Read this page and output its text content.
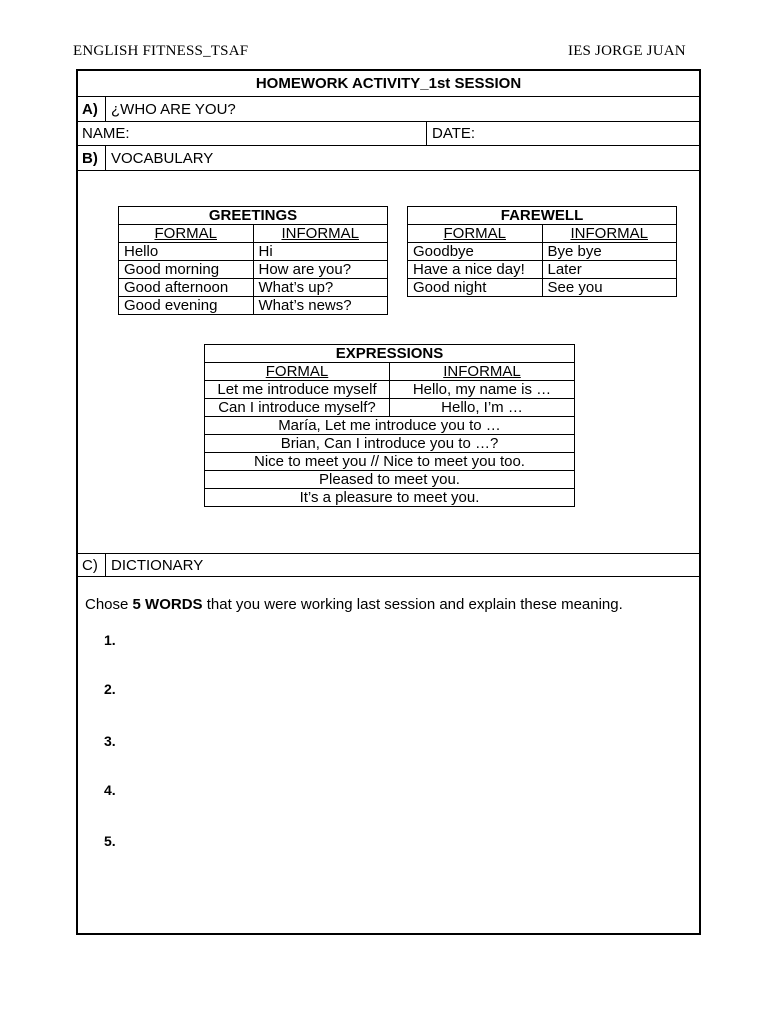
ENGLISH FITNESS_TSAF	IES JORGE JUAN
HOMEWORK ACTIVITY_1st SESSION
A) ¿WHO ARE YOU?
NAME:	DATE:
B) VOCABULARY
C) DICTIONARY
GREETINGS	
FORMAL	INFORMAL
Hello	Hi
Good morning	How are you?
Good afternoon	What’s up?
Good evening	What’s news?
FAREWELL	
FORMAL	INFORMAL
Goodbye	Bye bye
Have a nice day!	Later
Good night	See you
EXPRESSIONS	
FORMAL	INFORMAL
Let me introduce myself	Hello, my name is …
Can I introduce myself?	Hello, I’m …
María, Let me introduce you to …	
Brian, Can I introduce you to …?	
Nice to meet you // Nice to meet you too.	
Pleased to meet you.	
It’s a pleasure to meet you.	
Chose 5 WORDS that you were working last session and explain these meaning.
1.
2.
3.
4.
5.
